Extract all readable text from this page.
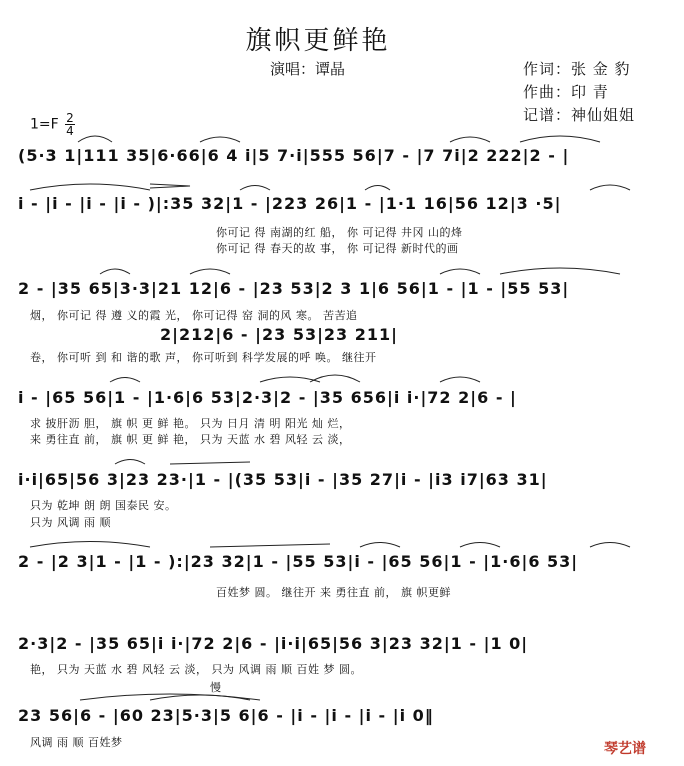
旗帜更鲜艳
演唱：谭晶	作词：张 金 豹
作曲：印 青
记谱：神仙姐姐
$1=F \frac{2}{4}$
(5·3 1|111 35|6·66|6 4 i|5 7·i|555 56|7 - |7 7i|2 222|2 - |
i - |i - |i - |i - )|:35 32|1 - |223 26|1 - |1·1 16|56 12|3 ·5|
你可记 得 南湖的红 船， 你 可记得 井冈 山的烽
你可记 得 春天的故 事， 你 可记得 新时代的画
2 - |35 65|3·3|21 12|6 - |23 53|2 3 1|6 56|1 - |1 - |55 53|
烟， 你可记 得 遵 义的霞 光， 你可记得 窑 洞的风 寒。 苦苦追
2|212|6 - |23 53|23 211|
卷， 你可听 到 和 谐的歌 声， 你可听到 科学发展的呼 唤。 继往开
i - |65 56|1 - |1·6|6 53|2·3|2 - |35 656|i i·|72 2|6 - |
求 披肝沥 胆， 旗 帜 更 鲜 艳。 只为 日月 清 明 阳光 灿 烂，
来 勇往直 前， 旗 帜 更 鲜 艳， 只为 天蓝 水 碧 风轻 云 淡，
i·i|65|56 3|23 23·|1 - |(35 53|i - |35 27|i - |i3 i7|63 31|
只为 乾坤 朗 朗 国泰民 安。
只为 风调 雨 顺
2 - |2 3|1 - |1 - ):|23 32|1 - |55 53|i - |65 56|1 - |1·6|6 53|
百姓梦 圆。 继往开 来 勇往直 前， 旗 帜更鲜
2·3|2 - |35 65|i i·|72 2|6 - |i·i|65|56 3|23 32|1 - |1 0|
艳， 只为 天蓝 水 碧 风轻 云 淡， 只为 风调 雨 顺 百姓 梦 圆。
慢
23 56|6 - |60 23|5·3|5 6|6 - |i - |i - |i - |i 0‖
风调 雨 顺 百姓梦	琴艺谱
